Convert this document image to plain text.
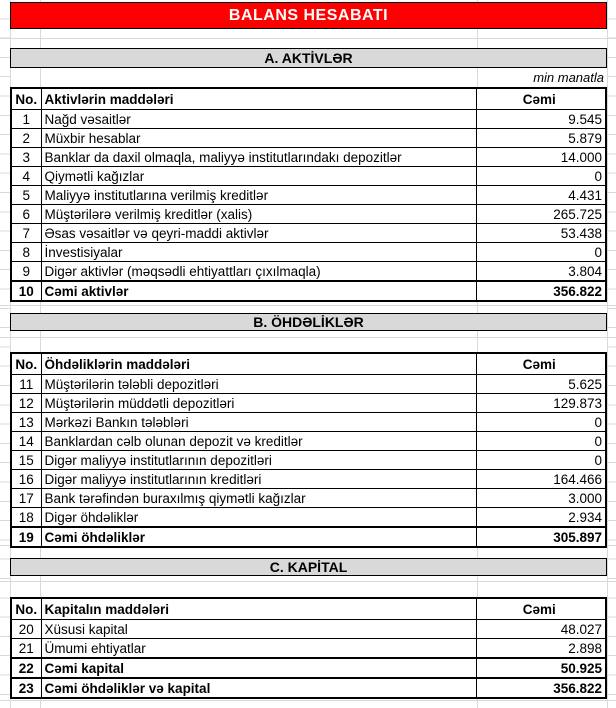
BALANS HESABATI
A. AKTİVLƏR
min manatla
No.	Aktivlərin maddələri	Cəmi
1	Nağd vəsaitlər	9.545
2	Müxbir hesablar	5.879
3	Banklar da daxil olmaqla, maliyyə institutlarındakı depozitlər	14.000
4	Qiymətli kağızlar	0
5	Maliyyə institutlarına verilmiş kreditlər	4.431
6	Müştərilərə verilmiş kreditlər (xalis)	265.725
7	Əsas vəsaitlər və qeyri-maddi aktivlər	53.438
8	İnvestisiyalar	0
9	Digər aktivlər (məqsədli ehtiyattları çıxılmaqla)	3.804
10	Cəmi aktivlər	356.822
B. ÖHDƏLİKLƏR
No.	Öhdəliklərin maddələri	Cəmi
11	Müştərilərin tələbli depozitləri	5.625
12	Müştərilərin müddətli depozitləri	129.873
13	Mərkəzi Bankın tələbləri	0
14	Banklardan cəlb olunan depozit və kreditlər	0
15	Digər maliyyə institutlarının depozitləri	0
16	Digər maliyyə institutlarının kreditləri	164.466
17	Bank tərəfindən buraxılmış qiymətli kağızlar	3.000
18	Digər öhdəliklər	2.934
19	Cəmi öhdəliklər	305.897
C. KAPİTAL
No.	Kapitalın maddələri	Cəmi
20	Xüsusi kapital	48.027
21	Ümumi ehtiyatlar	2.898
22	Cəmi kapital	50.925
23	Cəmi öhdəliklər və kapital	356.822
